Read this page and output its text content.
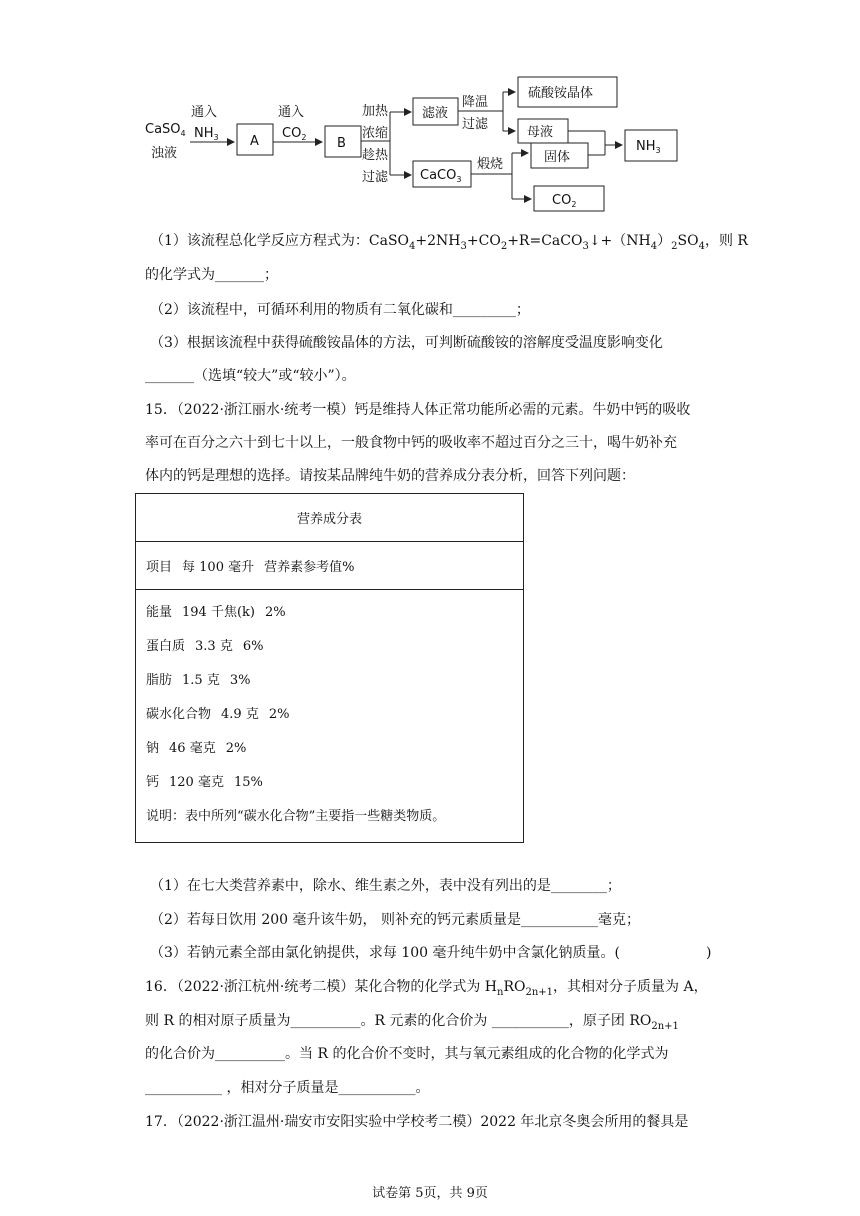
CaSO$_4$
浊液
通入
$NH_3$ A
通入
$CO_2$ B
加热
浓缩
趁热
过滤
滤液
CaCO$_3$
降温
过滤
硫酸铵晶体
母液
煅烧	固体
$CO_2$
$NH_3$
（1）该流程总化学反应方程式为：$CaSO_4+2NH_3+CO_2+R=CaCO_3↓+(NH_4)_2SO_4$，则 R
的化学式为_______；
（2）该流程中，可循环利用的物质有二氧化碳和_________；
（3）根据该流程中获得硫酸铵晶体的方法，可判断硫酸铵的溶解度受温度影响变化
_______（选填“较大”或“较小”）。
15．（2022·浙江丽水·统考一模）钙是维持人体正常功能所必需的元素。牛奶中钙的吸收
率可在百分之六十到七十以上，一般食物中钙的吸收率不超过百分之三十，喝牛奶补充
体内的钙是理想的选择。请按某品牌纯牛奶的营养成分表分析，回答下列问题：
营养成分表
项目 每 100 毫升 营养素参考值%

能量 194 千焦(k) 2%
蛋白质 3.3 克 6%
脂肪 1.5 克 3%
碳水化合物 4.9 克 2%
钠 46 毫克 2%
钙 120 毫克 15%
说明：表中所列“碳水化合物”主要指一些糖类物质。
（1）在七大类营养素中，除水、维生素之外，表中没有列出的是________；
（2）若每日饮用 200 毫升该牛奶， 则补充的钙元素质量是___________毫克；
（3）若钠元素全部由氯化钠提供，求每 100 毫升纯牛奶中含氯化钠质量。(	)
16．（2022·浙江杭州·统考二模）某化合物的化学式为 $H_nRO_{2n+1}$，其相对分子质量为 A，
则 R 的相对原子质量为__________。R 元素的化合价为 ___________，原子团 $RO_{2n+1}$
的化合价为__________。当 R 的化合价不变时，其与氧元素组成的化合物的化学式为
___________ ，相对分子质量是___________。
17．（2022·浙江温州·瑞安市安阳实验中学校考二模）2022 年北京冬奥会所用的餐具是
试卷第 5页，共 9页
